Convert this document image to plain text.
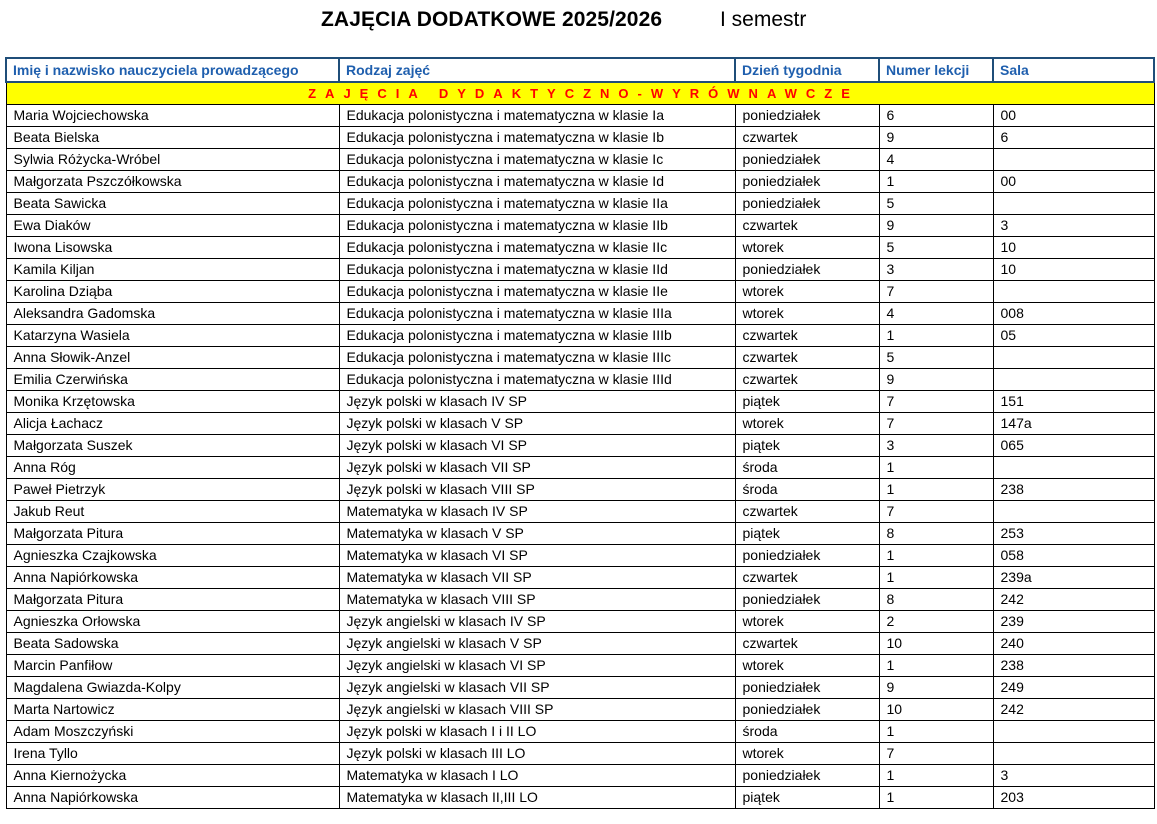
ZAJĘCIA DODATKOWE 2025/2026	I semestr
Imię i nazwisko nauczyciela prowadzącego	Rodzaj zajęć	Dzień tygodnia	Numer lekcji	Sala
ZAJĘCIA DYDAKTYCZNO-WYRÓWNAWCZE				
Maria Wojciechowska	Edukacja polonistyczna i matematyczna w klasie Ia	poniedziałek	6	00
Beata Bielska	Edukacja polonistyczna i matematyczna w klasie Ib	czwartek	9	6
Sylwia Różycka-Wróbel	Edukacja polonistyczna i matematyczna w klasie Ic	poniedziałek	4	
Małgorzata Pszczółkowska	Edukacja polonistyczna i matematyczna w klasie Id	poniedziałek	1	00
Beata Sawicka	Edukacja polonistyczna i matematyczna w klasie IIa	poniedziałek	5	
Ewa Diaków	Edukacja polonistyczna i matematyczna w klasie IIb	czwartek	9	3
Iwona Lisowska	Edukacja polonistyczna i matematyczna w klasie IIc	wtorek	5	10
Kamila Kiljan	Edukacja polonistyczna i matematyczna w klasie IId	poniedziałek	3	10
Karolina Dziąba	Edukacja polonistyczna i matematyczna w klasie IIe	wtorek	7	
Aleksandra Gadomska	Edukacja polonistyczna i matematyczna w klasie IIIa	wtorek	4	008
Katarzyna Wasiela	Edukacja polonistyczna i matematyczna w klasie IIIb	czwartek	1	05
Anna Słowik-Anzel	Edukacja polonistyczna i matematyczna w klasie IIIc	czwartek	5	
Emilia Czerwińska	Edukacja polonistyczna i matematyczna w klasie IIId	czwartek	9	
Monika Krzętowska	Język polski w klasach IV SP	piątek	7	151
Alicja Łachacz	Język polski w klasach V SP	wtorek	7	147a
Małgorzata Suszek	Język polski w klasach VI SP	piątek	3	065
Anna Róg	Język polski w klasach VII SP	środa	1	
Paweł Pietrzyk	Język polski w klasach VIII SP	środa	1	238
Jakub Reut	Matematyka w klasach IV SP	czwartek	7	
Małgorzata Pitura	Matematyka w klasach V SP	piątek	8	253
Agnieszka Czajkowska	Matematyka w klasach VI SP	poniedziałek	1	058
Anna Napiórkowska	Matematyka w klasach VII SP	czwartek	1	239a
Małgorzata Pitura	Matematyka w klasach VIII SP	poniedziałek	8	242
Agnieszka Orłowska	Język angielski w klasach IV SP	wtorek	2	239
Beata Sadowska	Język angielski w klasach V SP	czwartek	10	240
Marcin Panfiłow	Język angielski w klasach VI SP	wtorek	1	238
Magdalena Gwiazda-Kolpy	Język angielski w klasach VII SP	poniedziałek	9	249
Marta Nartowicz	Język angielski w klasach VIII SP	poniedziałek	10	242
Adam Moszczyński	Język polski w klasach I i II LO	środa	1	
Irena Tyllo	Język polski w klasach III LO	wtorek	7	
Anna Kiernożycka	Matematyka w klasach I LO	poniedziałek	1	3
Anna Napiórkowska	Matematyka w klasach II,III LO	piątek	1	203
